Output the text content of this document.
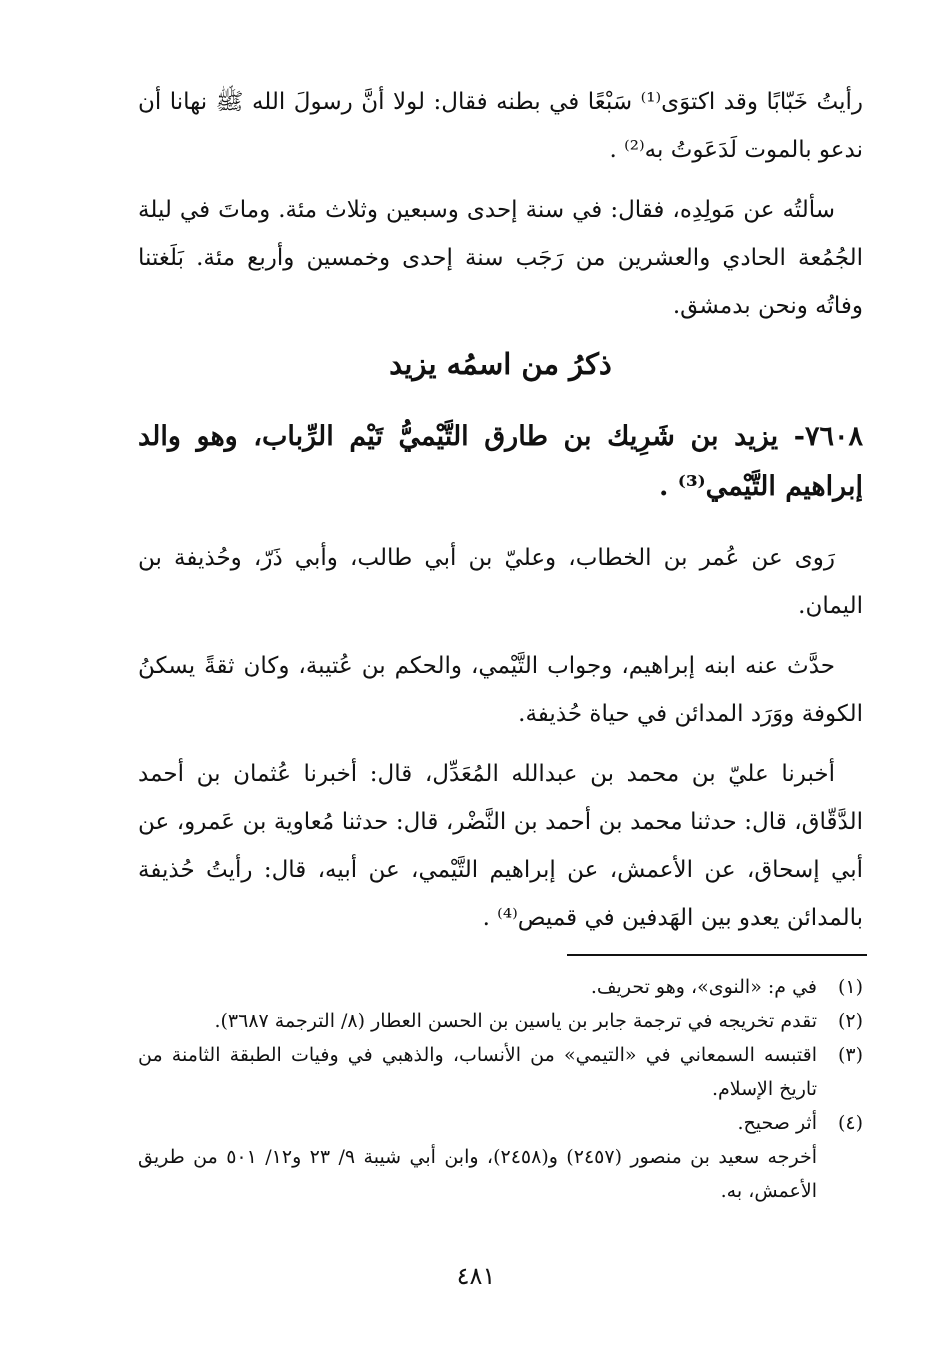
رأيتُ خَبّابًا وقد اكتوَى⁽¹⁾ سَبْعًا في بطنه فقال: لولا أنَّ رسولَ الله ﷺ نهانا أن ندعو بالموت لَدَعَوتُ به⁽²⁾ .

سألتُه عن مَولِدِه، فقال: في سنة إحدى وسبعين وثلاث مئة. وماتَ في ليلة الجُمُعة الحادي والعشرين من رَجَب سنة إحدى وخمسين وأربع مئة. بَلَغتنا وفاتُه ونحن بدمشق.

ذكرُ من اسمُه يزيد

٧٦٠٨- يزيد بن شَرِيك بن طارق التَّيْميُّ تَيْم الرِّباب، وهو والد إبراهيم التَّيْمي⁽³⁾ .

رَوى عن عُمر بن الخطاب، وعليّ بن أبي طالب، وأبي ذَرّ، وحُذيفة بن اليمان.

حدَّث عنه ابنه إبراهيم، وجواب التَّيْمي، والحكم بن عُتيبة، وكان ثقةً يسكنُ الكوفة ووَرَد المدائن في حياة حُذيفة.

أخبرنا عليّ بن محمد بن عبدالله المُعَدِّل، قال: أخبرنا عُثمان بن أحمد الدَّقّاق، قال: حدثنا محمد بن أحمد بن النَّضْر، قال: حدثنا مُعاوية بن عَمرو، عن أبي إسحاق، عن الأعمش، عن إبراهيم التَّيْمي، عن أبيه، قال: رأيتُ حُذيفة بالمدائن يعدو بين الهَدفين في قميص⁽⁴⁾ .

(١)
في م: «النوى»، وهو تحريف.
(٢)
تقدم تخريجه في ترجمة جابر بن ياسين بن الحسن العطار (٨/ الترجمة ٣٦٨٧).
(٣)
اقتبسه السمعاني في «التيمي» من الأنساب، والذهبي في وفيات الطبقة الثامنة من تاريخ الإسلام.
(٤)
أثر صحيح.
أخرجه سعيد بن منصور (٢٤٥٧) و(٢٤٥٨)، وابن أبي شيبة ٩/ ٢٣ و١٢/ ٥٠١ من طريق الأعمش، به.
٤٨١
